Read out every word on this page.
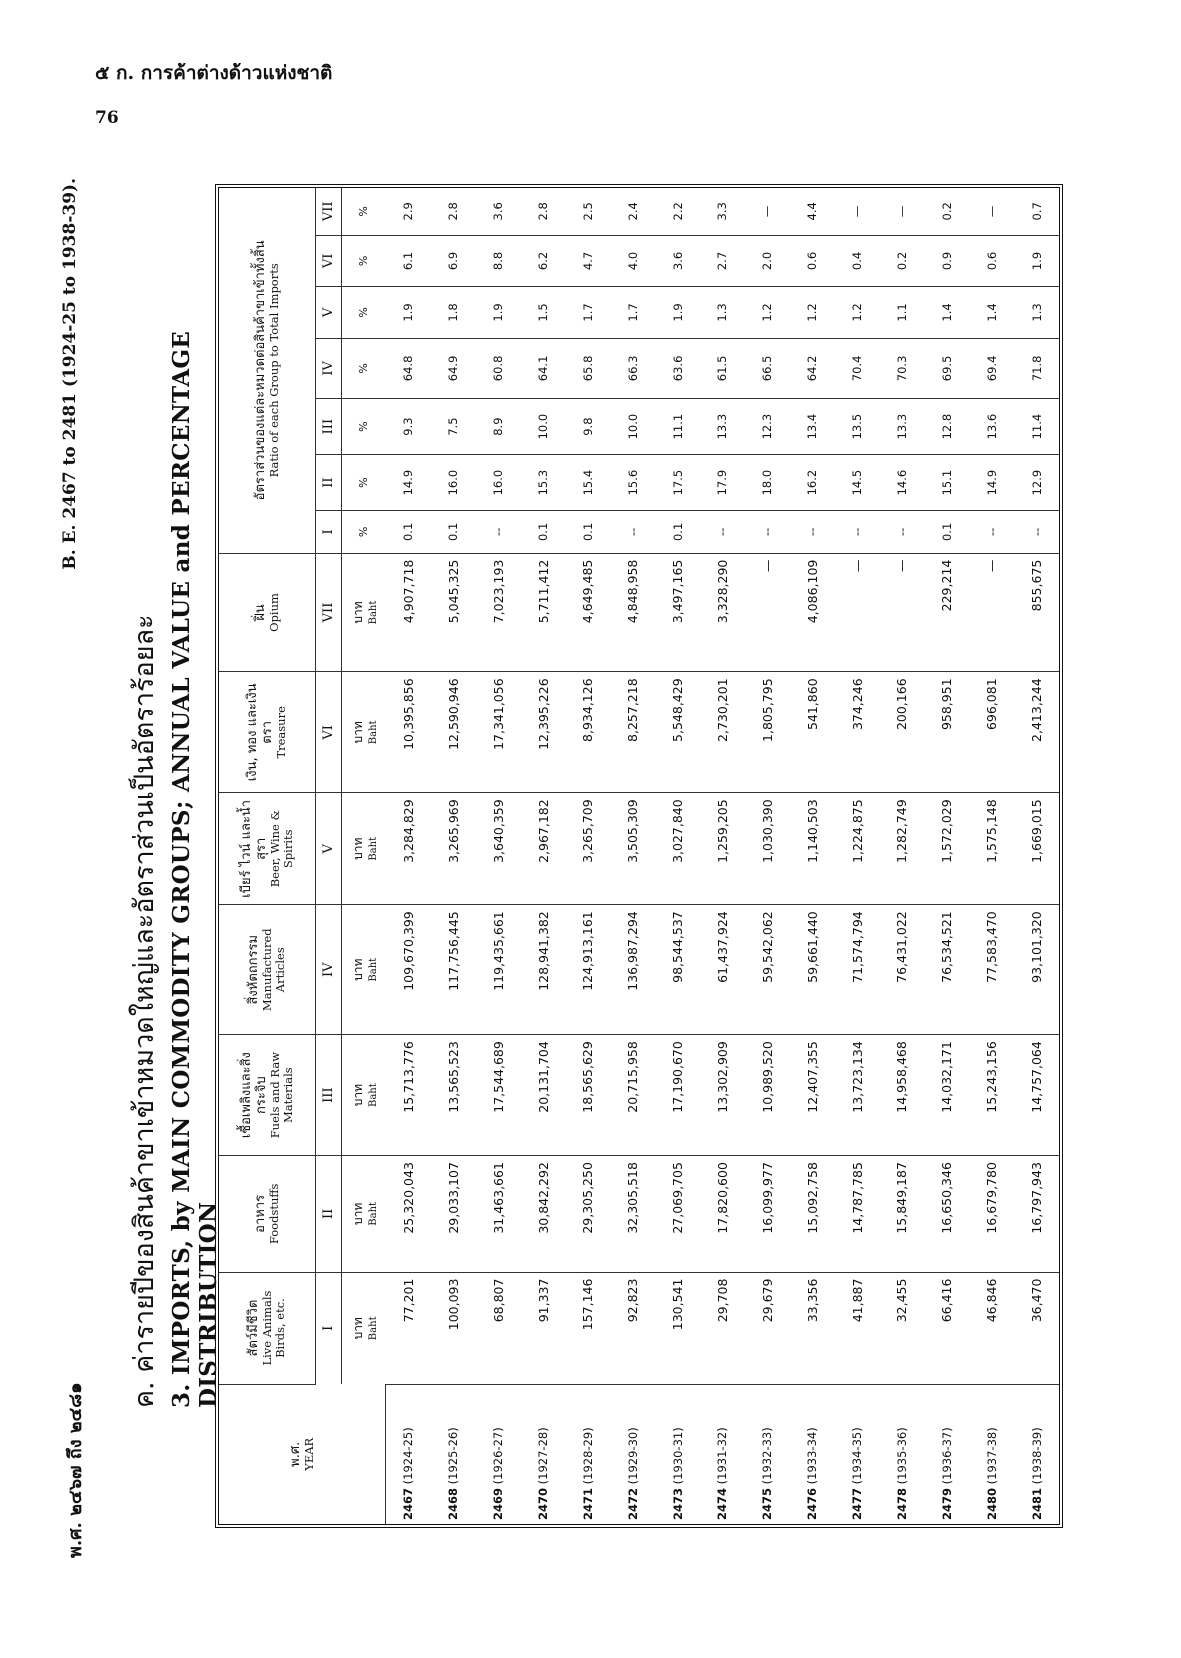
๕ ก. การค้าต่างด้าวแห่งชาติ
76
พ.ศ. ๒๔๖๗ ถึง ๒๔๘๑
B. E. 2467 to 2481 (1924-25 to 1938-39).
ค. ค่ารายปีของสินค้าขาเข้าหมวดใหญ่และอัตราส่วนเป็นอัตราร้อยละ 3. IMPORTS, by MAIN COMMODITY GROUPS; ANNUAL VALUE and PERCENTAGE DISTRIBUTION
พ.ศ. YEAR	สัตว์มีชีวิต Live Animals Birds, etc.	อาหาร Foodstuffs	เชื้อเพลิงและสิ่งกระจิบ Fuels and Raw Materials	สิ่งหัตถกรรม Manufactured Articles	เบียร์ ไวน์ และน้ำสุรา Beer, Wine & Spirits	เงิน, ทอง และเงินตรา Treasure	ฝิ่น Opium	อัตราส่วนของแต่ละหมวดต่อสินค้าขาเข้าทั้งสิ้น Ratio of each Group to Total Imports						

	I	II	III	IV	V	VI	VII	I	II	III	IV	V	VI	VII

	บาท Baht	บาท Baht	บาท Baht	บาท Baht	บาท Baht	บาท Baht	บาท Baht	%	%	%	%	%	%	%
2467 (1924-25)	77,201	25,320,043	15,713,776	109,670,399	3,284,829	10,395,856	4,907,718	0.1	14.9	9.3	64.8	1.9	6.1	2.9
2468 (1925-26)	100,093	29,033,107	13,565,523	117,756,445	3,265,969	12,590,946	5,045,325	0.1	16.0	7.5	64.9	1.8	6.9	2.8
2469 (1926-27)	68,807	31,463,661	17,544,689	119,435,661	3,640,359	17,341,056	7,023,193	--	16.0	8.9	60.8	1.9	8.8	3.6
2470 (1927-28)	91,337	30,842,292	20,131,704	128,941,382	2,967,182	12,395,226	5,711,412	0.1	15.3	10.0	64.1	1.5	6.2	2.8
2471 (1928-29)	157,146	29,305,250	18,565,629	124,913,161	3,265,709	8,934,126	4,649,485	0.1	15.4	9.8	65.8	1.7	4.7	2.5
2472 (1929-30)	92,823	32,305,518	20,715,958	136,987,294	3,505,309	8,257,218	4,848,958	--	15.6	10.0	66.3	1.7	4.0	2.4
2473 (1930-31)	130,541	27,069,705	17,190,670	98,544,537	3,027,840	5,548,429	3,497,165	0.1	17.5	11.1	63.6	1.9	3.6	2.2
2474 (1931-32)	29,708	17,820,600	13,302,909	61,437,924	1,259,205	2,730,201	3,328,290	--	17.9	13.3	61.5	1.3	2.7	3.3
2475 (1932-33)	29,679	16,099,977	10,989,520	59,542,062	1,030,390	1,805,795	—	--	18.0	12.3	66.5	1.2	2.0	—
2476 (1933-34)	33,356	15,092,758	12,407,355	59,661,440	1,140,503	541,860	4,086,109	--	16.2	13.4	64.2	1.2	0.6	4.4
2477 (1934-35)	41,887	14,787,785	13,723,134	71,574,794	1,224,875	374,246	—	--	14.5	13.5	70.4	1.2	0.4	—
2478 (1935-36)	32,455	15,849,187	14,958,468	76,431,022	1,282,749	200,166	—	--	14.6	13.3	70.3	1.1	0.2	—
2479 (1936-37)	66,416	16,650,346	14,032,171	76,534,521	1,572,029	958,951	229,214	0.1	15.1	12.8	69.5	1.4	0.9	0.2
2480 (1937-38)	46,846	16,679,780	15,243,156	77,583,470	1,575,148	696,081	—	--	14.9	13.6	69.4	1.4	0.6	—
2481 (1938-39)	36,470	16,797,943	14,757,064	93,101,320	1,669,015	2,413,244	855,675	--	12.9	11.4	71.8	1.3	1.9	0.7
